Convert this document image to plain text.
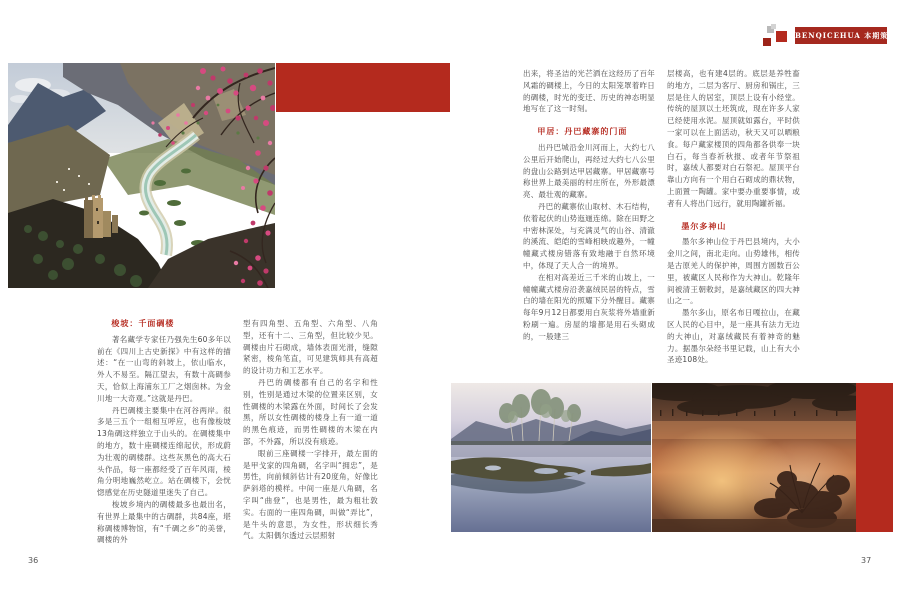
梭坡：千面碉楼

著名藏学专家任乃强先生60多年以前在《四川上古史新探》中有这样的描述：“在一山弯的斜坡上，依山临水，外人不易至。隔江望去，有数十高碉参天，恰似上海浦东工厂之烟囱林。为金川地一大奇观。”这就是丹巴。

丹巴碉楼主要集中在河谷两岸。很多是三五个一组相互呼应，也有像梭坡13角碉这样独立于山头的。在碉楼集中的地方，数十座碉楼连绵起伏，形成蔚为壮观的碉楼群。这些灰黑色的高大石头作品，每一座都经受了百年风雨，棱角分明地巍然屹立。站在碉楼下，会恍惚感觉在历史隧道里迷失了自己。

梭坡乡境内的碉楼最多也最出名，有世界上最集中的古碉群，共84座，堪称碉楼博物馆，有“千碉之乡”的美誉，碉楼的外

型有四角型、五角型、六角型、八角型，还有十二、三角型，但比较少见。碉楼由片石砌成，墙体表面光滑，缝隙紧密，棱角笔直，可见建筑师具有高超的设计功力和工艺水平。

丹巴的碉楼都有自己的名字和性别，性别是通过木梁的位置来区别，女性碉楼的木梁露在外面，时间长了会发黑，所以女性碉楼的楼身上有一道一道的黑色痕迹，而男性碉楼的木梁在内部，不外露，所以没有痕迹。

眼前三座碉楼一字排开，最左面的是甲戈家的四角碉，名字叫“拥忠”，是男性，向前倾斜估计有20度角，好像比萨斜塔的模样。中间一座是八角碉，名字叫“曲登”，也是男性，最为粗壮敦实。右面的一座四角碉，叫做“弄比”，是牛头的意思，为女性，形状细长秀气。太阳偶尔透过云层照射

36
BENQICEHUA 本期策划

出来，将圣洁的光芒洒在这经历了百年风霜的碉楼上，今日的太阳笼罩着昨日的碉楼，时光的变迁、历史的神态明显地写在了这一时刻。

甲居：丹巴藏寨的门面

出丹巴城沿金川河而上，大约七八公里后开始爬山，再经过大约七八公里的盘山公路到达甲居藏寨。甲居藏寨号称世界上最美丽的村庄所在，外形最漂亮、最壮观的藏寨。

丹巴的藏寨依山取材、木石结构，依着起伏的山势迤逦连绵。除在田野之中密林深处，与充满灵气的山谷、清澈的溪流、皑皑的雪峰相映成趣外，一幢幢藏式楼房错落有致地融于自然环境中，体现了天人合一的境界。

在相对高差近三千米的山坡上，一幢幢藏式楼房沿袭嘉绒民居的特点，雪白的墙在阳光的照耀下分外醒目。藏寨每年9月12日都要用白灰浆将外墙重新粉刷一遍。房屋的墙都是用石头砌成的，一般建三

层楼高，也有建4层的。底层是养牲畜的地方，二层为客厅、厨房和锅庄，三层是住人的居室，顶层上设有小经堂。传统的屋顶以土坯筑成，现在许多人家已经使用水泥。屋顶就如露台，平时供一家可以在上面活动，秋天又可以晒粮食。每户藏家楼顶的四角都各供奉一块白石，每当春祈秋报、或者年节祭祖时，嘉绒人都要对白石祭祀。屋顶平台靠山方向有一个用白石砌成的鼎状物，上面置一陶罐。家中要办重要事情，或者有人将出门远行，就用陶罐祈福。

墨尔多神山

墨尔多神山位于丹巴县境内，大小金川之间，南北走向。山势雄伟，相传是古原羌人的保护神，周围方圆数百公里，被藏区人民称作为大神山。乾隆年间被清王朝敕封，是嘉绒藏区的四大神山之一。

墨尔多山，原名布日嘎拉山，在藏区人民的心目中，是一座具有法力无边的大神山，对嘉绒藏民有着神奇的魅力。据墨尔朵经书里记载，山上有大小圣迹108处。

37
